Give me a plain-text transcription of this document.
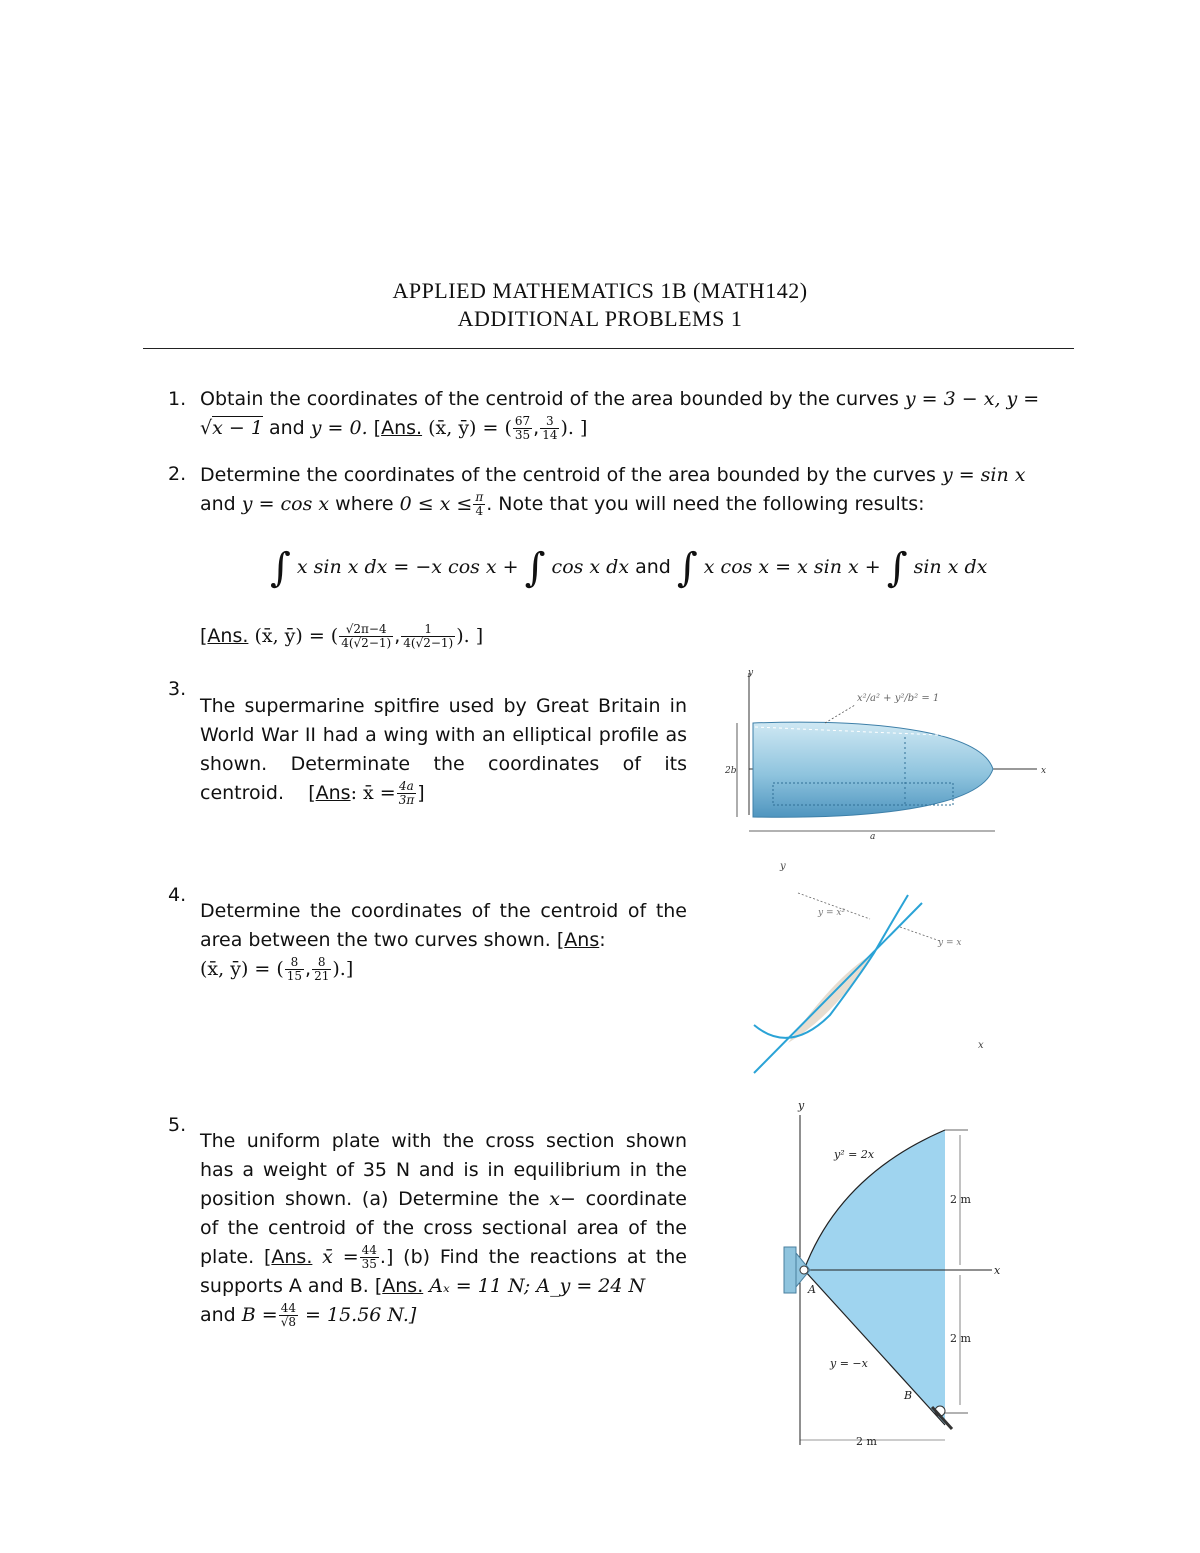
APPLIED MATHEMATICS 1B (MATH142)
ADDITIONAL PROBLEMS 1
1. Obtain the coordinates of the centroid of the area bounded by the curves y = 3 − x, y =
√x − 1 and y = 0. [Ans. (x̄, ȳ) = ( $\frac{67}{35}$ , $\frac{3}{14}$ ). ]
2. Determine the coordinates of the centroid of the area bounded by the curves y = sin x
and y = cos x where $0 \le x \le \frac{\pi}{4}$ . Note that you will need the following results:
∫ x sin x dx = −x cos x + ∫ cos x dx and ∫ x cos x = x sin x + ∫ sin x dx
[Ans. (x̄, ȳ) = ( $\frac{√2\pi-4}{4(√2-1)}$ , $\frac{1}{4(√2-1)}$ ). ]
3.
The supermarine spitfire used by Great Britain in World War II had a wing with an elliptical profile as shown. Determinate the coordinates of its centroid.    [Ans: x̄ = $\frac{4a}{3\pi}$ ]
y
x
x²/a² + y²/b² = 1
2b
a
4.
Determine the coordinates of the centroid of the area between the two curves shown. [Ans:
(x̄, ȳ) = ( $\frac{8}{15}$ , $\frac{8}{21}$ ).]
y
x
y = x²
y = x
5.
The uniform plate with the cross section shown has a weight of 35 N and is in equilibrium in the position shown. (a) Determine the x− coordinate of the centroid of the cross sectional area of the plate. [Ans. x̄ = $\frac{44}{35}$ .] (b) Find the reactions at the supports A and B. [Ans. Aₓ = 11 N; A_y = 24 N
and $B = \frac{44}{√8} = 15.56$ N.]
y
x
y² = 2x
y = −x
2 m
2 m
2 m
A
B
